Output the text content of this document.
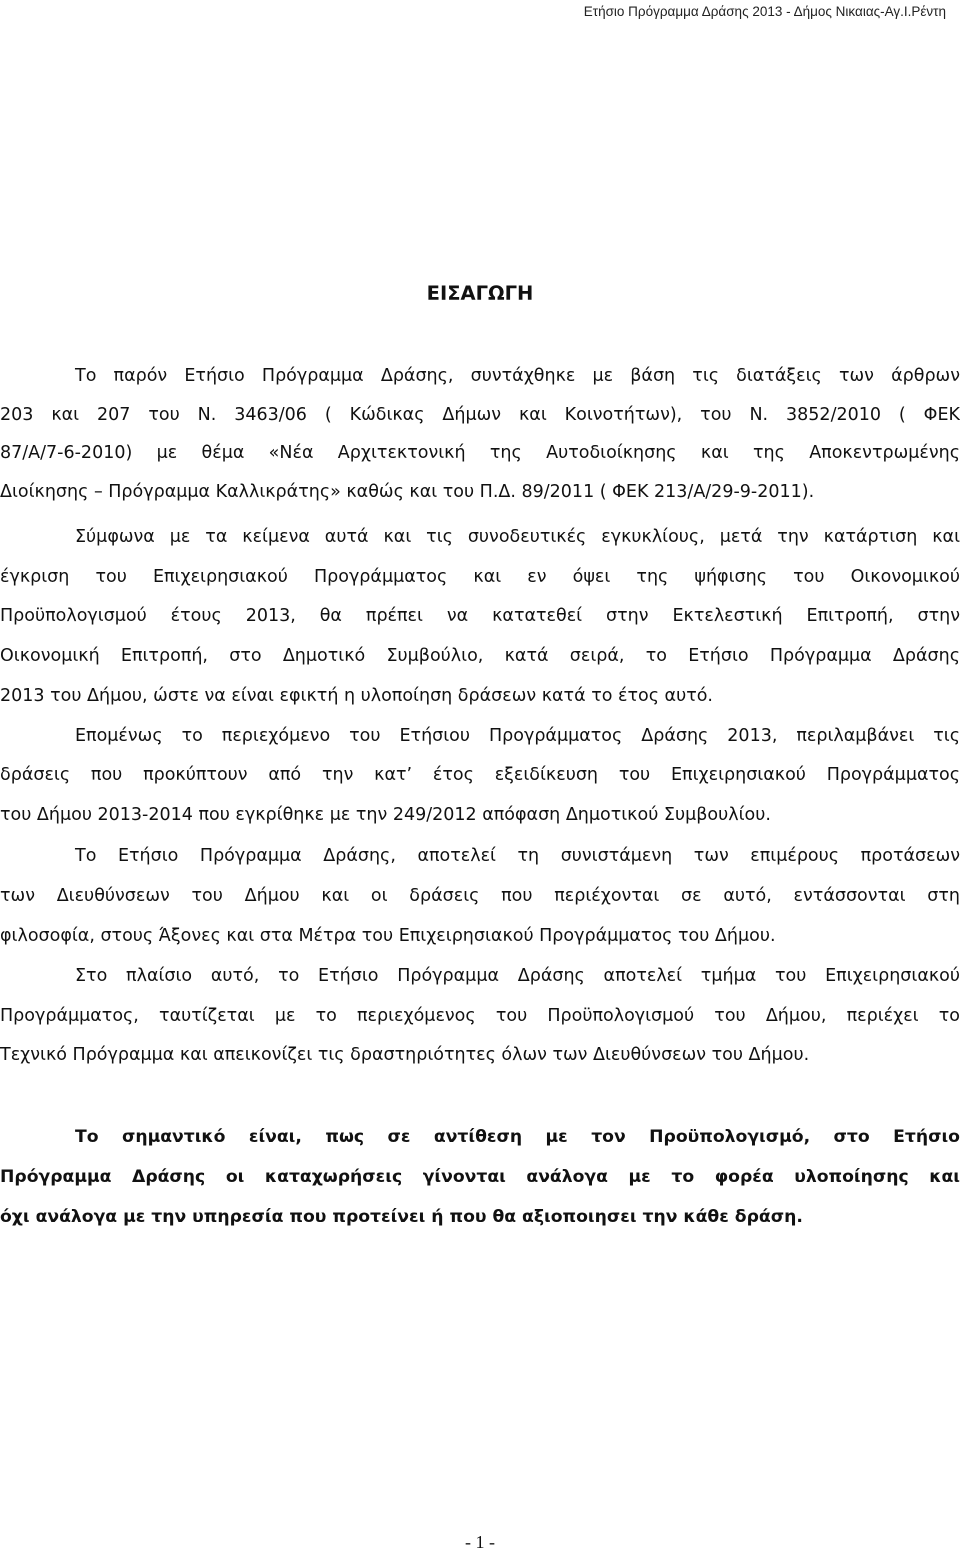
Ετήσιο Πρόγραμμα Δράσης 2013 - Δήμος Νικαιας-Αγ.Ι.Ρέντη
ΕΙΣΑΓΩΓΗ
Το παρόν Ετήσιο Πρόγραμμα Δράσης, συντάχθηκε με βάση τις διατάξεις των άρθρων
203 και 207 του Ν. 3463/06 ( Κώδικας Δήμων και Κοινοτήτων), του Ν. 3852/2010 ( ΦΕΚ
87/Α/7-6-2010) με θέμα «Νέα Αρχιτεκτονική της Αυτοδιοίκησης και της Αποκεντρωμένης
Διοίκησης – Πρόγραμμα Καλλικράτης» καθώς και του Π.Δ. 89/2011 ( ΦΕΚ 213/Α/29-9-2011).
Σύμφωνα με τα κείμενα αυτά και τις συνοδευτικές εγκυκλίους, μετά την κατάρτιση και
έγκριση του Επιχειρησιακού Προγράμματος και εν όψει της ψήφισης του Οικονομικού
Προϋπολογισμού έτους 2013, θα πρέπει να κατατεθεί στην Εκτελεστική Επιτροπή, στην
Οικονομική Επιτροπή, στο Δημοτικό Συμβούλιο, κατά σειρά, το Ετήσιο Πρόγραμμα Δράσης
2013 του Δήμου, ώστε να είναι εφικτή η υλοποίηση δράσεων κατά το έτος αυτό.
Επομένως το περιεχόμενο του Ετήσιου Προγράμματος Δράσης 2013, περιλαμβάνει τις
δράσεις που προκύπτουν από την κατ’ έτος εξειδίκευση του Επιχειρησιακού Προγράμματος
του Δήμου 2013-2014 που εγκρίθηκε με την 249/2012 απόφαση Δημοτικού Συμβουλίου.
Το Ετήσιο Πρόγραμμα Δράσης, αποτελεί τη συνιστάμενη των επιμέρους προτάσεων
των Διευθύνσεων του Δήμου και οι δράσεις που περιέχονται σε αυτό, εντάσσονται στη
φιλοσοφία, στους Άξονες και στα Μέτρα του Επιχειρησιακού Προγράμματος του Δήμου.
Στο πλαίσιο αυτό, το Ετήσιο Πρόγραμμα Δράσης αποτελεί τμήμα του Επιχειρησιακού
Προγράμματος, ταυτίζεται με το περιεχόμενος του Προϋπολογισμού του Δήμου, περιέχει το
Τεχνικό Πρόγραμμα και απεικονίζει τις δραστηριότητες όλων των Διευθύνσεων του Δήμου.
Το σημαντικό είναι, πως σε αντίθεση με τον Προϋπολογισμό, στο Ετήσιο
Πρόγραμμα Δράσης οι καταχωρήσεις γίνονται ανάλογα με το φορέα υλοποίησης και
όχι ανάλογα με την υπηρεσία που προτείνει ή που θα αξιοποιησει την κάθε δράση.
- 1 -
